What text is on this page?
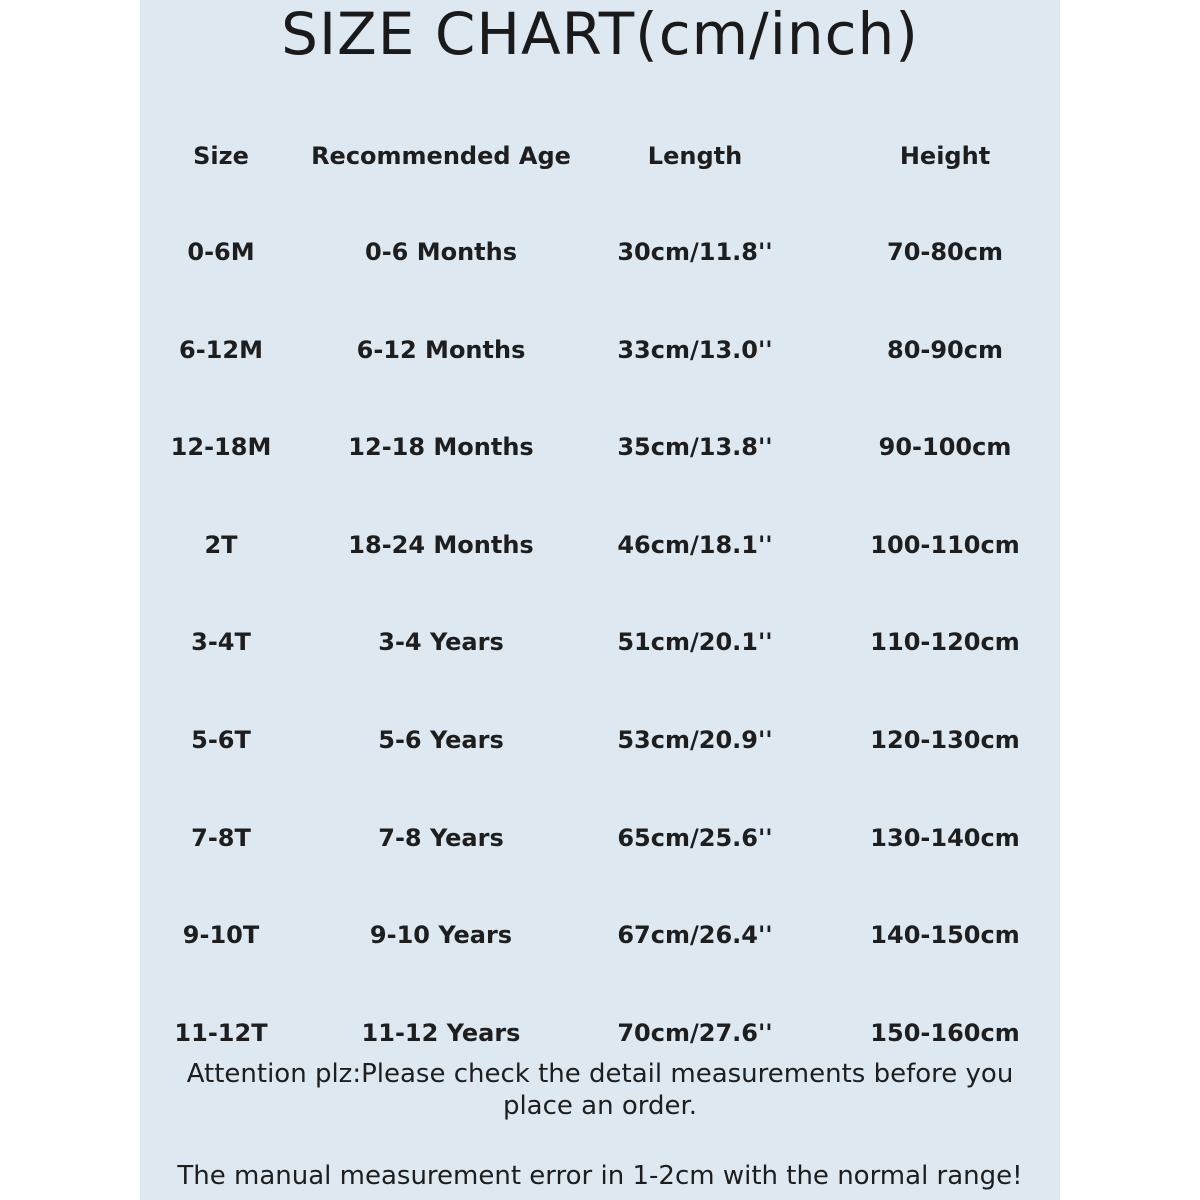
SIZE CHART(cm/inch)
Size	Recommended Age	Length	Height
0-6M	0-6 Months	30cm/11.8''	70-80cm
6-12M	6-12 Months	33cm/13.0''	80-90cm
12-18M	12-18 Months	35cm/13.8''	90-100cm
2T	18-24 Months	46cm/18.1''	100-110cm
3-4T	3-4 Years	51cm/20.1''	110-120cm
5-6T	5-6 Years	53cm/20.9''	120-130cm
7-8T	7-8 Years	65cm/25.6''	130-140cm
9-10T	9-10 Years	67cm/26.4''	140-150cm
11-12T	11-12 Years	70cm/27.6''	150-160cm
Attention plz:Please check the detail measurements before you place an order.
The manual measurement error in 1-2cm with the normal range!
